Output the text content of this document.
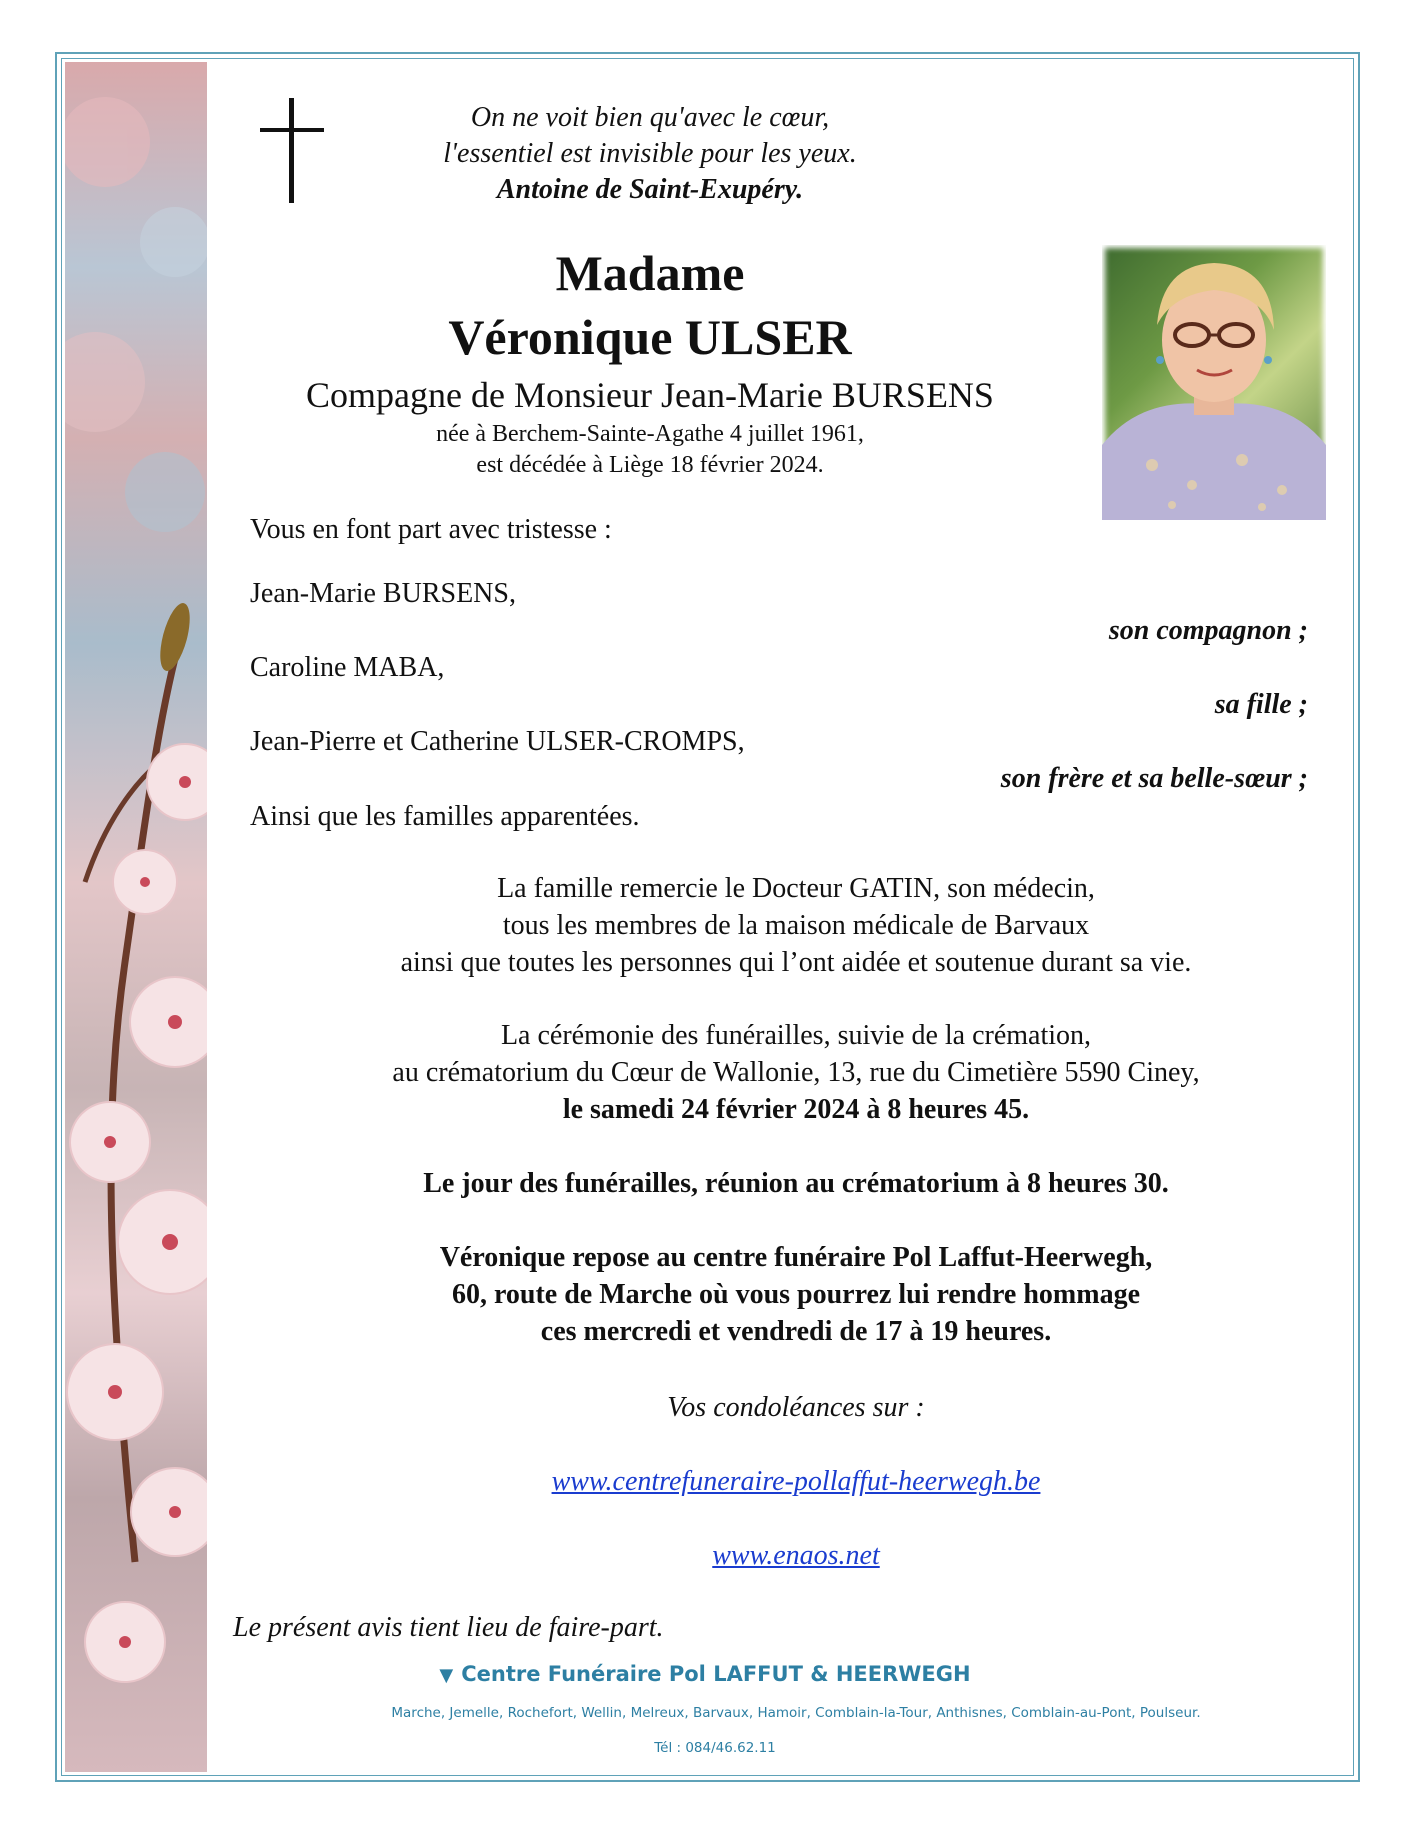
On ne voit bien qu'avec le cœur,

l'essentiel est invisible pour les yeux.

Antoine de Saint-Exupéry.

Madame

Véronique ULSER

Compagne de Monsieur Jean-Marie BURSENS

née à Berchem-Sainte-Agathe 4 juillet 1961,

est décédée à Liège 18 février 2024.

Vous en font part avec tristesse :

Jean-Marie BURSENS,

son compagnon ;

Caroline MABA,

sa fille ;

Jean-Pierre et Catherine ULSER-CROMPS,

son frère et sa belle-sœur ;

Ainsi que les familles apparentées.

La famille remercie le Docteur GATIN, son médecin,

tous les membres de la maison médicale de Barvaux

ainsi que toutes les personnes qui l’ont aidée et soutenue durant sa vie.

La cérémonie des funérailles, suivie de la crémation,

au crématorium du Cœur de Wallonie, 13, rue du Cimetière 5590 Ciney,

le samedi 24 février 2024 à 8 heures 45.

Le jour des funérailles, réunion au crématorium à 8 heures 30.

Véronique repose au centre funéraire Pol Laffut-Heerwegh,

60, route de Marche où vous pourrez lui rendre hommage

ces mercredi et vendredi de 17 à 19 heures.

Vos condoléances sur :

www.centrefuneraire-pollaffut-heerwegh.be

www.enaos.net

Le présent avis tient lieu de faire-part.

▼ Centre Funéraire Pol LAFFUT & HEERWEGH

Marche, Jemelle, Rochefort, Wellin, Melreux, Barvaux, Hamoir, Comblain-la-Tour, Anthisnes, Comblain-au-Pont, Poulseur.

Tél : 084/46.62.11
